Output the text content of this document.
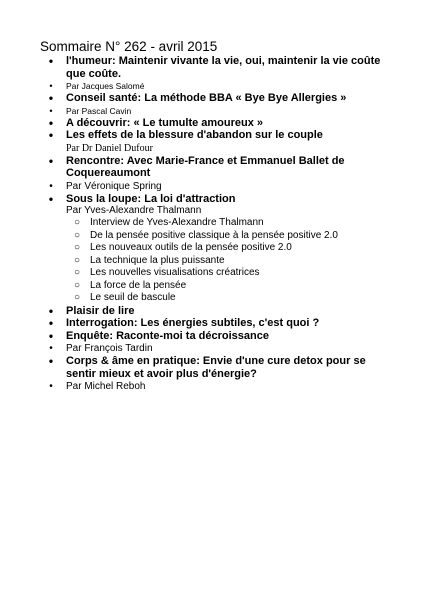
Sommaire N° 262 - avril 2015
• l'humeur: Maintenir vivante la vie, oui, maintenir la vie coûte que coûte.
•	Par Jacques Salomé
• Conseil santé: La méthode BBA « Bye Bye Allergies »
•	Par Pascal Cavin
• A découvrir: « Le tumulte amoureux »
• Les effets de la blessure d'abandon sur le couple
Par Dr Daniel Dufour
• Rencontre: Avec Marie-France et Emmanuel Ballet de Coquereaumont
•	Par Véronique Spring
• Sous la loupe: La loi d'attraction
Par Yves-Alexandre Thalmann
○ Interview de Yves-Alexandre Thalmann
○ De la pensée positive classique à la pensée positive 2.0
○ Les nouveaux outils de la pensée positive 2.0
○ La technique la plus puissante
○ Les nouvelles visualisations créatrices
○ La force de la pensée
○ Le seuil de bascule
• Plaisir de lire
• Interrogation: Les énergies subtiles, c'est quoi ?
• Enquête: Raconte-moi ta décroissance
•	Par François Tardin
• Corps & âme en pratique: Envie d'une cure detox pour se sentir mieux et avoir plus d'énergie?
•	Par Michel Reboh
